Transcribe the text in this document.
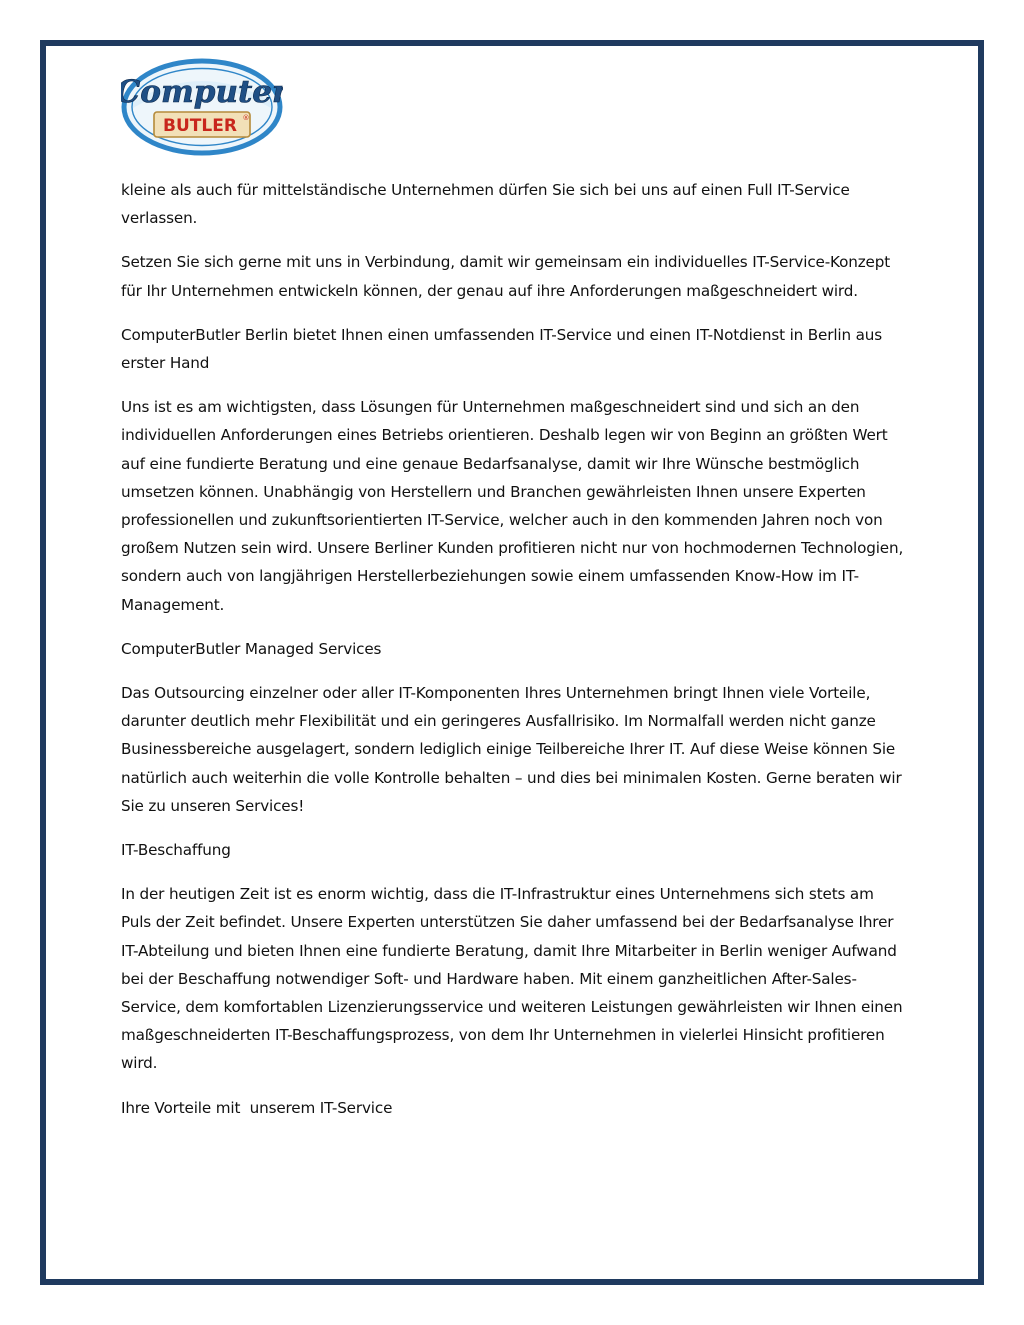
Computer
BUTLER ®

kleine als auch für mittelständische Unternehmen dürfen Sie sich bei uns auf einen Full IT-Service verlassen.

Setzen Sie sich gerne mit uns in Verbindung, damit wir gemeinsam ein individuelles IT-Service-Konzept für Ihr Unternehmen entwickeln können, der genau auf ihre Anforderungen maßgeschneidert wird.

ComputerButler Berlin bietet Ihnen einen umfassenden IT-Service und einen IT-Notdienst in Berlin aus erster Hand

Uns ist es am wichtigsten, dass Lösungen für Unternehmen maßgeschneidert sind und sich an den individuellen Anforderungen eines Betriebs orientieren. Deshalb legen wir von Beginn an größten Wert auf eine fundierte Beratung und eine genaue Bedarfsanalyse, damit wir Ihre Wünsche bestmöglich umsetzen können. Unabhängig von Herstellern und Branchen gewährleisten Ihnen unsere Experten professionellen und zukunftsorientierten IT-Service, welcher auch in den kommenden Jahren noch von großem Nutzen sein wird. Unsere Berliner Kunden profitieren nicht nur von hochmodernen Technologien, sondern auch von langjährigen Herstellerbeziehungen sowie einem umfassenden Know-How im IT-Management.

ComputerButler Managed Services

Das Outsourcing einzelner oder aller IT-Komponenten Ihres Unternehmen bringt Ihnen viele Vorteile, darunter deutlich mehr Flexibilität und ein geringeres Ausfallrisiko. Im Normalfall werden nicht ganze Businessbereiche ausgelagert, sondern lediglich einige Teilbereiche Ihrer IT. Auf diese Weise können Sie natürlich auch weiterhin die volle Kontrolle behalten – und dies bei minimalen Kosten. Gerne beraten wir Sie zu unseren Services!

IT-Beschaffung

In der heutigen Zeit ist es enorm wichtig, dass die IT-Infrastruktur eines Unternehmens sich stets am Puls der Zeit befindet. Unsere Experten unterstützen Sie daher umfassend bei der Bedarfsanalyse Ihrer IT-Abteilung und bieten Ihnen eine fundierte Beratung, damit Ihre Mitarbeiter in Berlin weniger Aufwand bei der Beschaffung notwendiger Soft- und Hardware haben. Mit einem ganzheitlichen After-Sales-Service, dem komfortablen Lizenzierungsservice und weiteren Leistungen gewährleisten wir Ihnen einen maßgeschneiderten IT-Beschaffungsprozess, von dem Ihr Unternehmen in vielerlei Hinsicht profitieren wird.

Ihre Vorteile mit  unserem IT-Service
